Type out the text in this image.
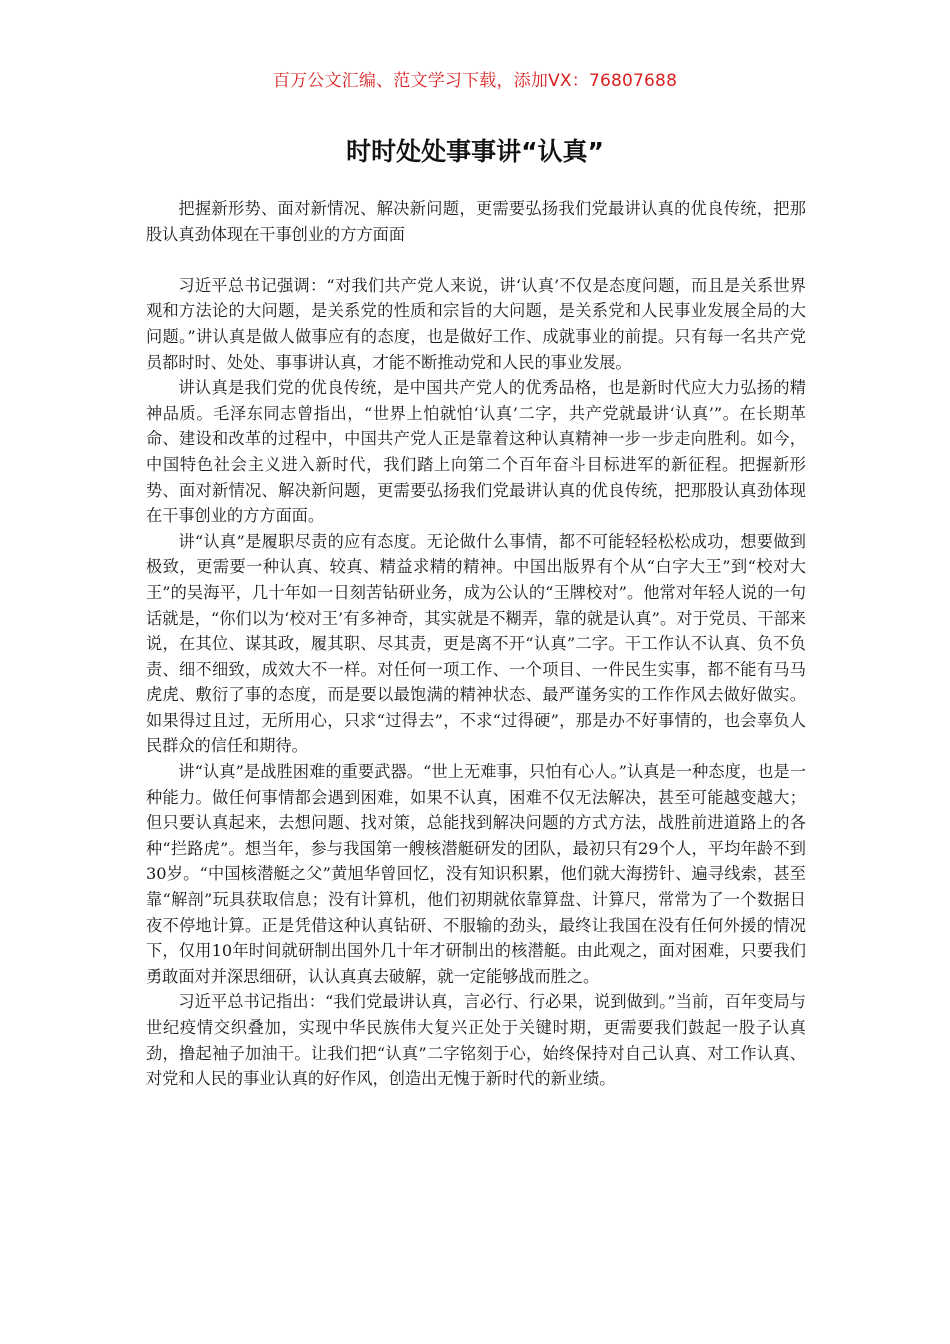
百万公文汇编、范文学习下载，添加VX：76807688
时时处处事事讲“认真”

把握新形势、面对新情况、解决新问题，更需要弘扬我们党最讲认真的优良传统，把那股认真劲体现在干事创业的方方面面

习近平总书记强调：“对我们共产党人来说，讲‘认真’不仅是态度问题，而且是关系世界观和方法论的大问题，是关系党的性质和宗旨的大问题，是关系党和人民事业发展全局的大问题。”讲认真是做人做事应有的态度，也是做好工作、成就事业的前提。只有每一名共产党员都时时、处处、事事讲认真，才能不断推动党和人民的事业发展。

讲认真是我们党的优良传统，是中国共产党人的优秀品格，也是新时代应大力弘扬的精神品质。毛泽东同志曾指出，“世界上怕就怕‘认真’二字，共产党就最讲‘认真’”。在长期革命、建设和改革的过程中，中国共产党人正是靠着这种认真精神一步一步走向胜利。如今，中国特色社会主义进入新时代，我们踏上向第二个百年奋斗目标进军的新征程。把握新形势、面对新情况、解决新问题，更需要弘扬我们党最讲认真的优良传统，把那股认真劲体现在干事创业的方方面面。

讲“认真”是履职尽责的应有态度。无论做什么事情，都不可能轻轻松松成功，想要做到极致，更需要一种认真、较真、精益求精的精神。中国出版界有个从“白字大王”到“校对大王”的吴海平，几十年如一日刻苦钻研业务，成为公认的“王牌校对”。他常对年轻人说的一句话就是，“你们以为‘校对王’有多神奇，其实就是不糊弄，靠的就是认真”。对于党员、干部来说，在其位、谋其政，履其职、尽其责，更是离不开“认真”二字。干工作认不认真、负不负责、细不细致，成效大不一样。对任何一项工作、一个项目、一件民生实事，都不能有马马虎虎、敷衍了事的态度，而是要以最饱满的精神状态、最严谨务实的工作作风去做好做实。如果得过且过，无所用心，只求“过得去”，不求“过得硬”，那是办不好事情的，也会辜负人民群众的信任和期待。

讲“认真”是战胜困难的重要武器。“世上无难事，只怕有心人。”认真是一种态度，也是一种能力。做任何事情都会遇到困难，如果不认真，困难不仅无法解决，甚至可能越变越大；但只要认真起来，去想问题、找对策，总能找到解决问题的方式方法，战胜前进道路上的各种“拦路虎”。想当年，参与我国第一艘核潜艇研发的团队，最初只有29个人，平均年龄不到30岁。“中国核潜艇之父”黄旭华曾回忆，没有知识积累，他们就大海捞针、遍寻线索，甚至靠“解剖”玩具获取信息；没有计算机，他们初期就依靠算盘、计算尺，常常为了一个数据日夜不停地计算。正是凭借这种认真钻研、不服输的劲头，最终让我国在没有任何外援的情况下，仅用10年时间就研制出国外几十年才研制出的核潜艇。由此观之，面对困难，只要我们勇敢面对并深思细研，认认真真去破解，就一定能够战而胜之。

习近平总书记指出：“我们党最讲认真，言必行、行必果，说到做到。”当前，百年变局与世纪疫情交织叠加，实现中华民族伟大复兴正处于关键时期，更需要我们鼓起一股子认真劲，撸起袖子加油干。让我们把“认真”二字铭刻于心，始终保持对自己认真、对工作认真、对党和人民的事业认真的好作风，创造出无愧于新时代的新业绩。
